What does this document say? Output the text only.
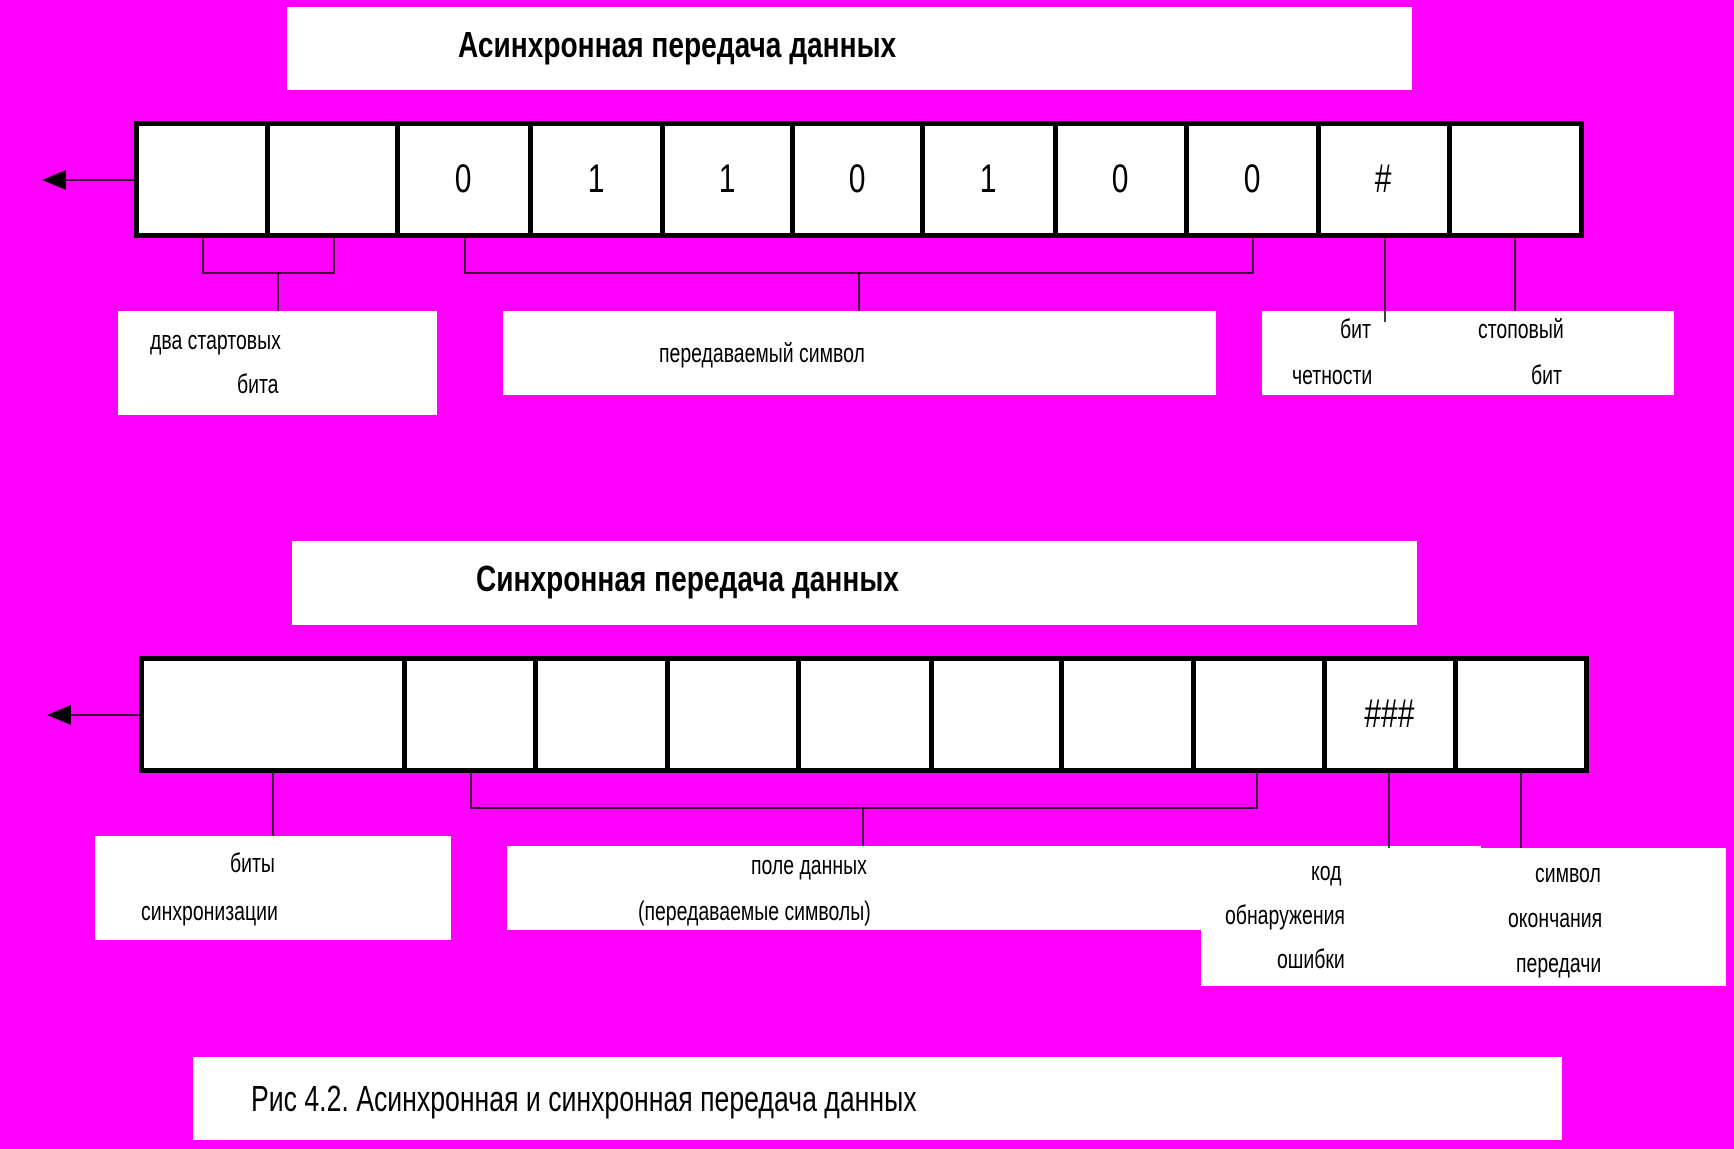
Асинхронная передача данных
0	1	1	0	1	0	0	#
два стартовых
бита
передаваемый символ
бит
четности
стоповый
бит
Синхронная передача данных
###
биты
синхронизации
поле данных
(передаваемые символы)
код
обнаружения
ошибки
символ
окончания
передачи
Рис 4.2. Асинхронная и синхронная передача данных
